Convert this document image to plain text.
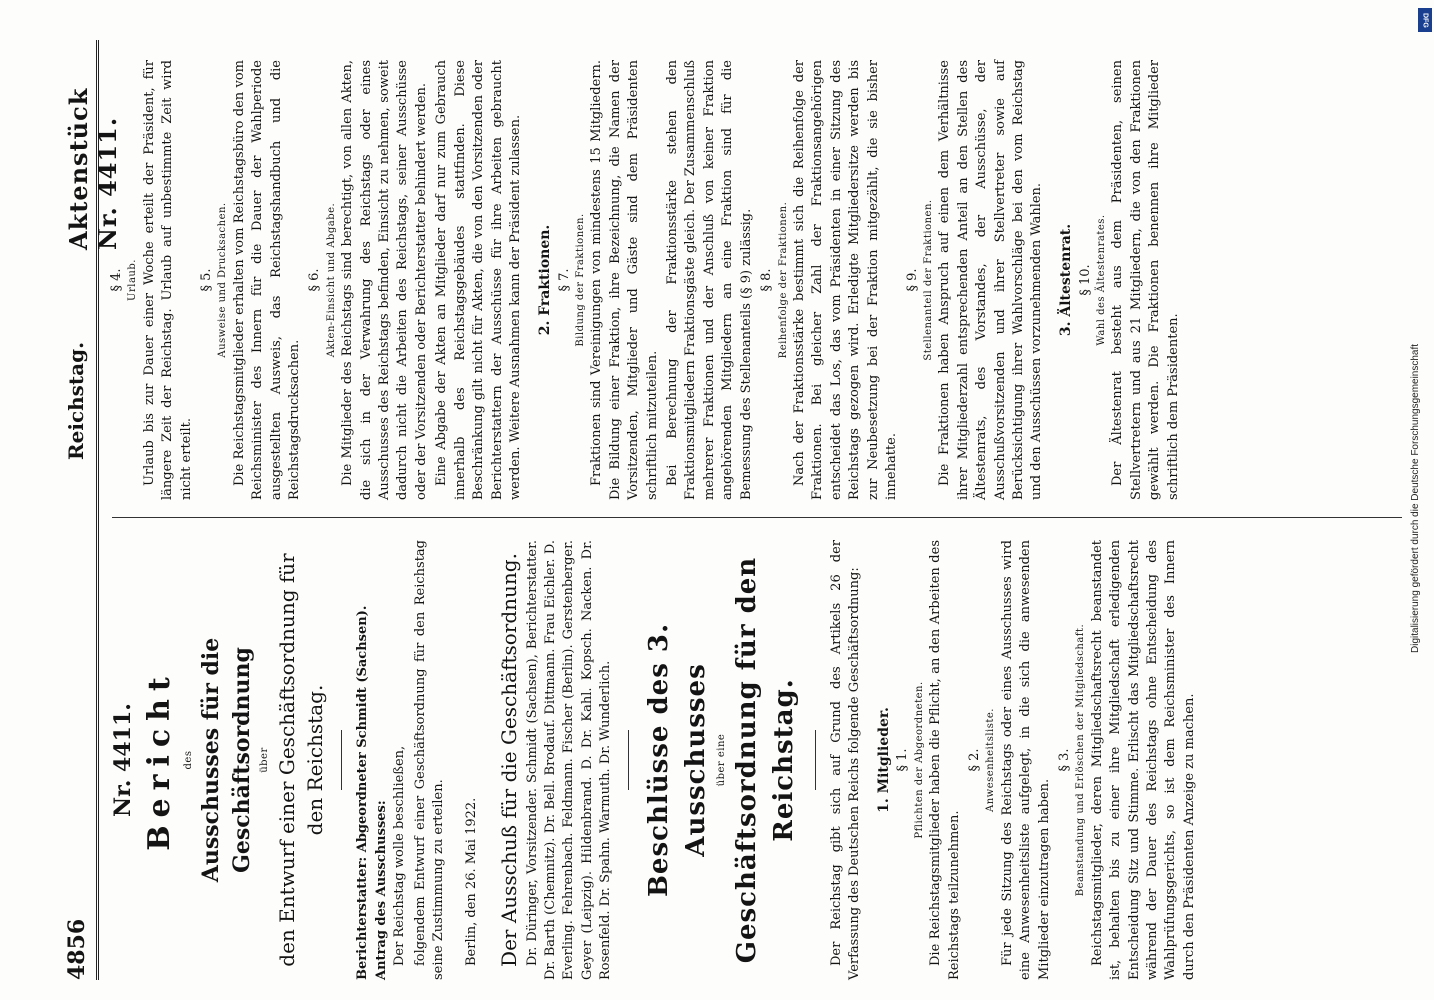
4856
Reichstag.
Aktenstück Nr. 4411.
Nr. 4411. Bericht des Ausschusses für die Geschäftsordnung über den Entwurf einer Geschäftsordnung für den Reichstag. Berichterstatter: Abgeordneter Schmidt (Sachsen). Antrag des Ausschusses: Der Reichstag wolle beschließen, folgendem Entwurf einer Geschäftsordnung für den Reichstag seine Zustimmung zu erteilen. Berlin, den 26. Mai 1922. Der Ausschuß für die Geschäftsordnung. Dr. Düringer, Vorsitzender. Schmidt (Sachsen), Berichterstatter. Dr. Barth (Chemnitz). Dr. Bell. Brodauf. Dittmann. Frau Eichler. D. Everling. Fehrenbach. Feldmann. Fischer (Berlin). Gerstenberger. Geyer (Leipzig). Hildenbrand. D. Dr. Kahl. Kopsch. Nacken. Dr. Rosenfeld. Dr. Spahn. Warmuth. Dr. Wunderlich. Beschlüsse des 3. Ausschusses über eine Geschäftsordnung für den Reichstag.	Der Reichstag gibt sich auf Grund des Artikels 26 der Verfassung des Deutschen Reichs folgende Geschäftsordnung: 1. Mitglieder. § 1. Pflichten der Abgeordneten. Die Reichstagsmitglieder haben die Pflicht, an den Arbeiten des Reichstags teilzunehmen.

§ 2. Anwesenheitsliste. Für jede Sitzung des Reichstags oder eines Ausschusses wird eine Anwesenheitsliste aufgelegt, in die sich die anwesenden Mitglieder einzutragen haben.

§ 3. Beanstandung und Erlöschen der Mitgliedschaft. Reichstagsmitglieder, deren Mitgliedschaftsrecht beanstandet ist, behalten bis zu einer ihre Mitgliedschaft erledigenden Entscheidung Sitz und Stimme. Erlischt das Mitgliedschaftsrecht während der Dauer des Reichstags ohne Entscheidung des Wahlprüfungsgerichts, so ist dem Reichsminister des Innern durch den Präsidenten Anzeige zu machen.

§ 4. Urlaub. Urlaub bis zur Dauer einer Woche erteilt der Präsident, für längere Zeit der Reichstag. Urlaub auf unbestimmte Zeit wird nicht erteilt.

§ 5. Ausweise und Drucksachen. Die Reichstagsmitglieder erhalten vom Reichstagsbüro den vom Reichsminister des Innern für die Dauer der Wahlperiode ausgestellten Ausweis, das Reichstagshandbuch und die Reichstagsdrucksachen.

§ 6. Akten-Einsicht und Abgabe. Die Mitglieder des Reichstags sind berechtigt, von allen Akten, die sich in der Verwahrung des Reichstags oder eines Ausschusses des Reichstags befinden, Einsicht zu nehmen, soweit dadurch nicht die Arbeiten des Reichstags, seiner Ausschüsse oder der Vorsitzenden oder Berichterstatter behindert werden. Eine Abgabe der Akten an Mitglieder darf nur zum Gebrauch innerhalb des Reichstagsgebäudes stattfinden. Diese Beschränkung gilt nicht für Akten, die von den Vorsitzenden oder Berichterstattern der Ausschüsse für ihre Arbeiten gebraucht werden. Weitere Ausnahmen kann der Präsident zulassen. 2. Fraktionen. § 7. Bildung der Fraktionen. Fraktionen sind Vereinigungen von mindestens 15 Mitgliedern. Die Bildung einer Fraktion, ihre Bezeichnung, die Namen der Vorsitzenden, Mitglieder und Gäste sind dem Präsidenten schriftlich mitzuteilen. Bei Berechnung der Fraktionsstärke stehen den Fraktionsmitgliedern Fraktionsgäste gleich. Der Zusammenschluß mehrerer Fraktionen und der Anschluß von keiner Fraktion angehörenden Mitgliedern an eine Fraktion sind für die Bemessung des Stellenanteils (§ 9) zulässig. § 8. Reihenfolge der Fraktionen. Nach der Fraktionsstärke bestimmt sich die Reihenfolge der Fraktionen. Bei gleicher Zahl der Fraktionsangehörigen entscheidet das Los, das vom Präsidenten in einer Sitzung des Reichstags gezogen wird. Erledigte Mitgliedersitze werden bis zur Neubesetzung bei der Fraktion mitgezählt, die sie bisher innehatte.

§ 9. Stellenanteil der Fraktionen. Die Fraktionen haben Anspruch auf einen dem Verhältnisse ihrer Mitgliederzahl entsprechenden Anteil an den Stellen des Ältestenrats, des Vorstandes, der Ausschüsse, der Ausschußvorsitzenden und ihrer Stellvertreter sowie auf Berücksichtigung ihrer Wahlvorschläge bei den vom Reichstag und den Ausschüssen vorzunehmenden Wahlen. 3. Ältestenrat. § 10. Wahl des Ältestenrates. Der Ältestenrat besteht aus dem Präsidenten, seinen Stellvertretern und aus 21 Mitgliedern, die von den Fraktionen gewählt werden. Die Fraktionen benennen ihre Mitglieder schriftlich dem Präsidenten.

DFG
Digitalisierung gefördert durch die Deutsche Forschungsgemeinschaft
